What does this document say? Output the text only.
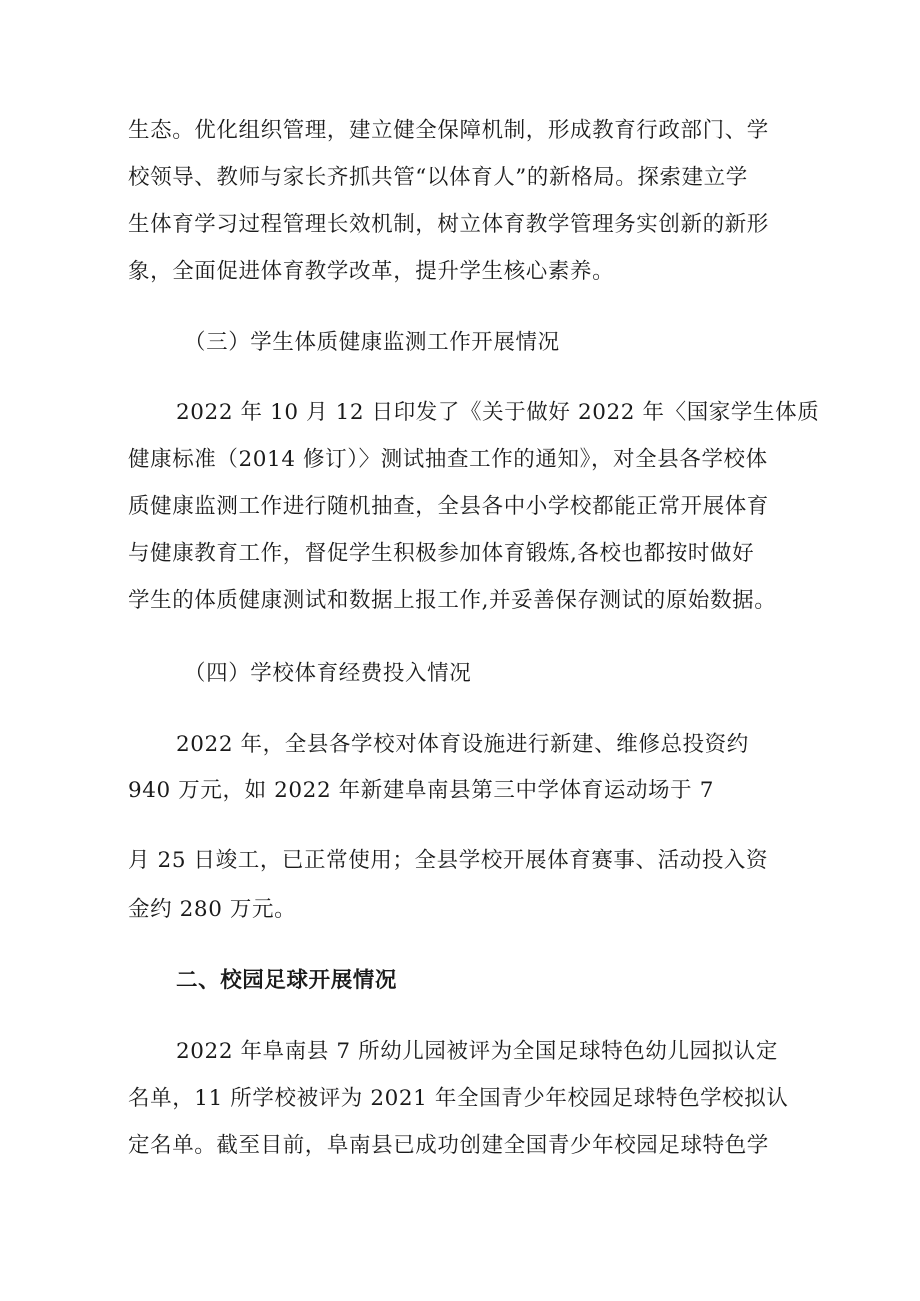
生态。优化组织管理，建立健全保障机制，形成教育行政部门、学
校领导、教师与家长齐抓共管“以体育人”的新格局。探索建立学
生体育学习过程管理长效机制，树立体育教学管理务实创新的新形
象，全面促进体育教学改革，提升学生核心素养。
（三）学生体质健康监测工作开展情况
2022 年 10 月 12 日印发了《关于做好 2022 年〈国家学生体质
健康标准（2014 修订）〉测试抽查工作的通知》，对全县各学校体
质健康监测工作进行随机抽查，全县各中小学校都能正常开展体育
与健康教育工作，督促学生积极参加体育锻炼,各校也都按时做好
学生的体质健康测试和数据上报工作,并妥善保存测试的原始数据。
（四）学校体育经费投入情况
2022 年，全县各学校对体育设施进行新建、维修总投资约
940 万元，如 2022 年新建阜南县第三中学体育运动场于 7
月 25 日竣工，已正常使用；全县学校开展体育赛事、活动投入资
金约 280 万元。
二、校园足球开展情况
2022 年阜南县 7 所幼儿园被评为全国足球特色幼儿园拟认定
名单，11 所学校被评为 2021 年全国青少年校园足球特色学校拟认
定名单。截至目前，阜南县已成功创建全国青少年校园足球特色学
